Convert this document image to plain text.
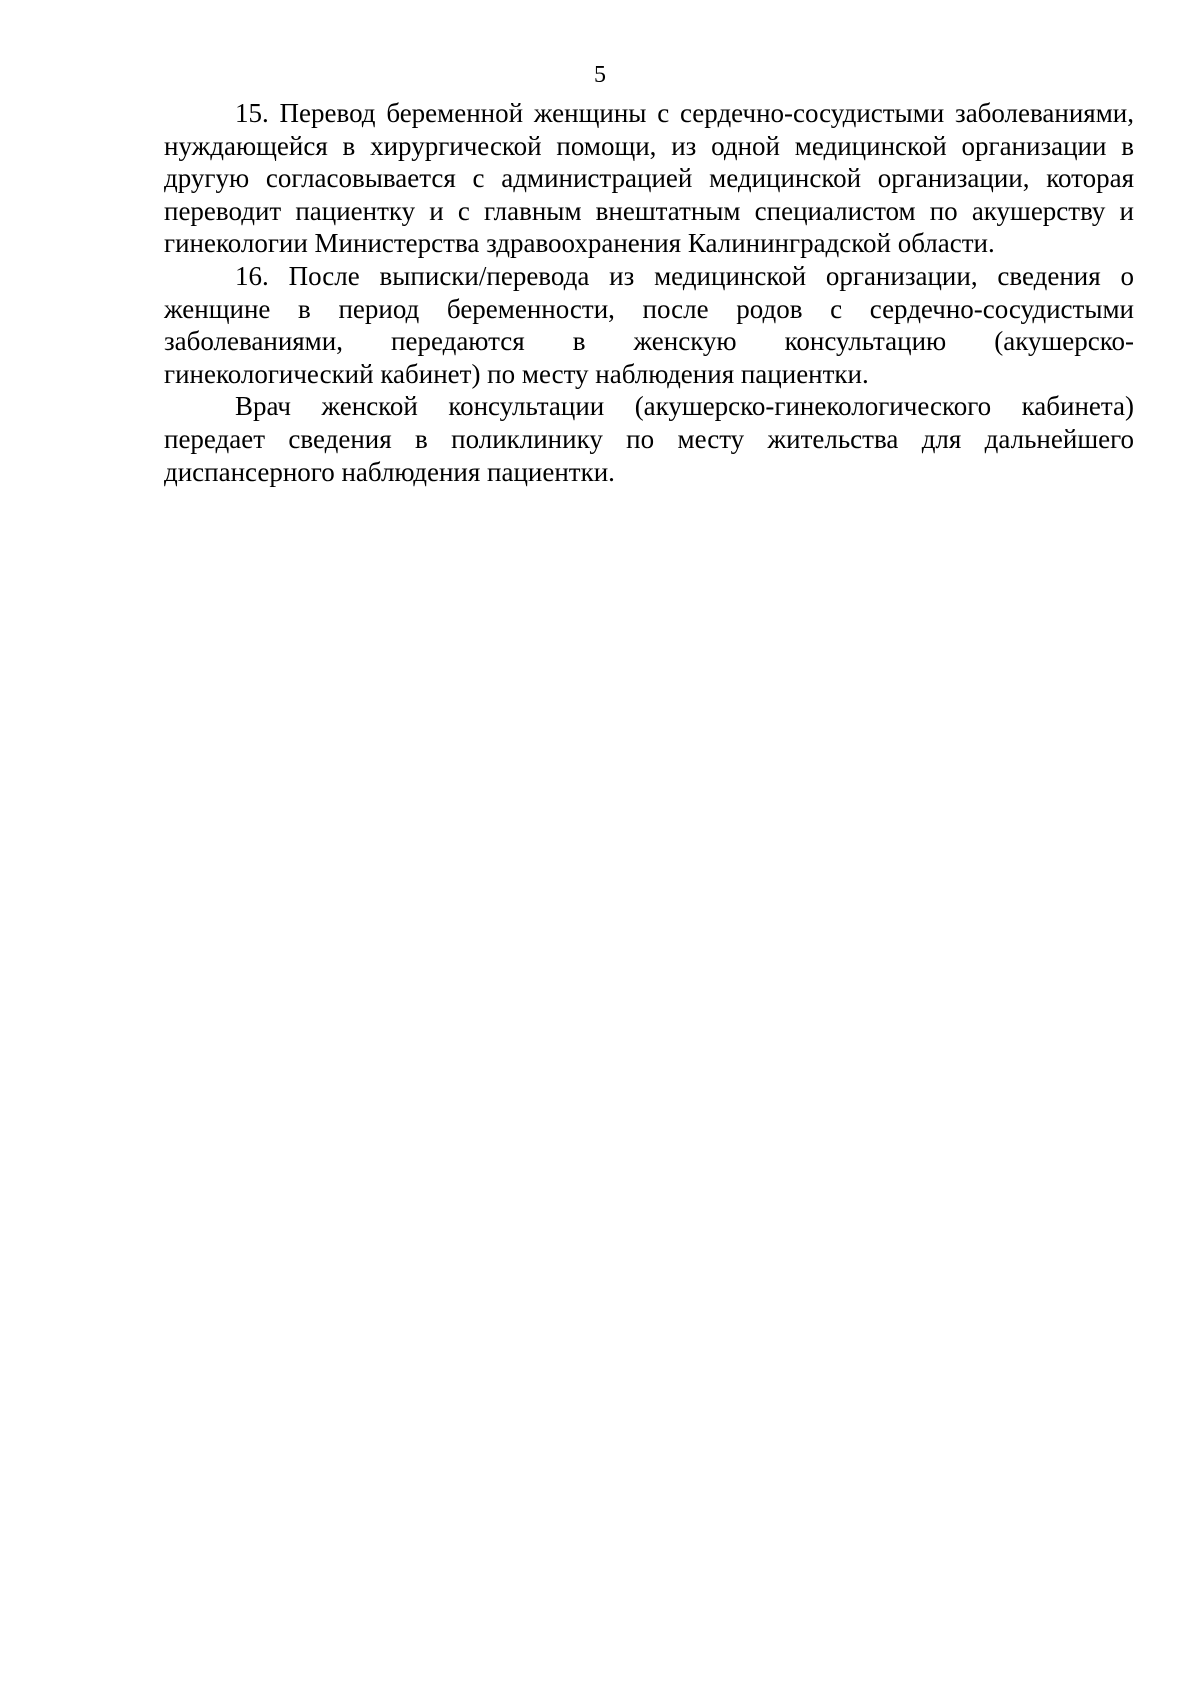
5

15. Перевод беременной женщины с сердечно-сосудистыми заболеваниями, нуждающейся в хирургической помощи, из одной медицинской организации в другую согласовывается с администрацией медицинской организации, которая переводит пациентку и с главным внештатным специалистом по акушерству и гинекологии Министерства здравоохранения Калининградской области.

16. После выписки/перевода из медицинской организации, сведения о женщине в период беременности, после родов с сердечно-сосудистыми заболеваниями, передаются в женскую консультацию (акушерско-гинекологический кабинет) по месту наблюдения пациентки.

Врач женской консультации (акушерско-гинекологического кабинета) передает сведения в поликлинику по месту жительства для дальнейшего диспансерного наблюдения пациентки.
